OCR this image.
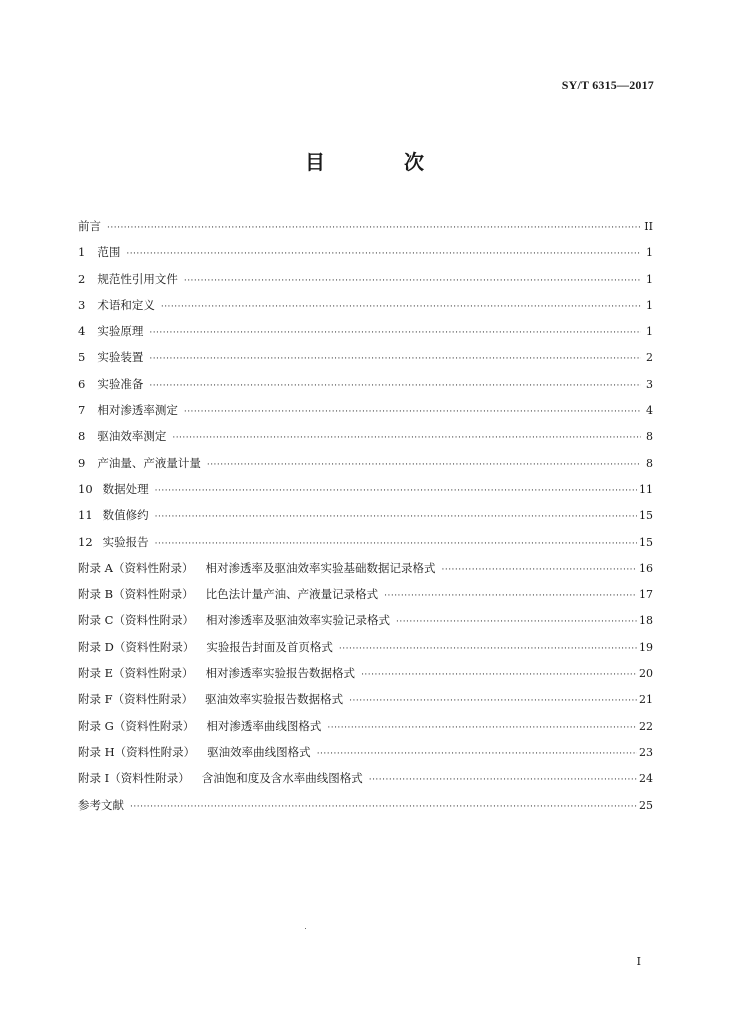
SY/T 6315—2017
目 次
前言 ·····	II
1 范围 ·····	1
2 规范性引用文件 ·····	1
3 术语和定义 ·····	1
4 实验原理 ·····	1
5 实验装置 ·····	2
6 实验准备 ·····	3
7 相对渗透率测定 ·····	4
8 驱油效率测定 ·····	8
9 产油量、产液量计量 ·····	8
10 数据处理 ·····	11
11 数值修约 ·····	15
12 实验报告 ·····	15
附录 A（资料性附录） 相对渗透率及驱油效率实验基础数据记录格式 ·····	16
附录 B（资料性附录） 比色法计量产油、产液量记录格式 ·····	17
附录 C（资料性附录） 相对渗透率及驱油效率实验记录格式 ·····	18
附录 D（资料性附录） 实验报告封面及首页格式 ·····	19
附录 E（资料性附录） 相对渗透率实验报告数据格式 ·····	20
附录 F（资料性附录） 驱油效率实验报告数据格式 ·····	21
附录 G（资料性附录） 相对渗透率曲线图格式 ·····	22
附录 H（资料性附录） 驱油效率曲线图格式 ·····	23
附录 I（资料性附录） 含油饱和度及含水率曲线图格式 ·····	24
参考文献 ·····	25
I
